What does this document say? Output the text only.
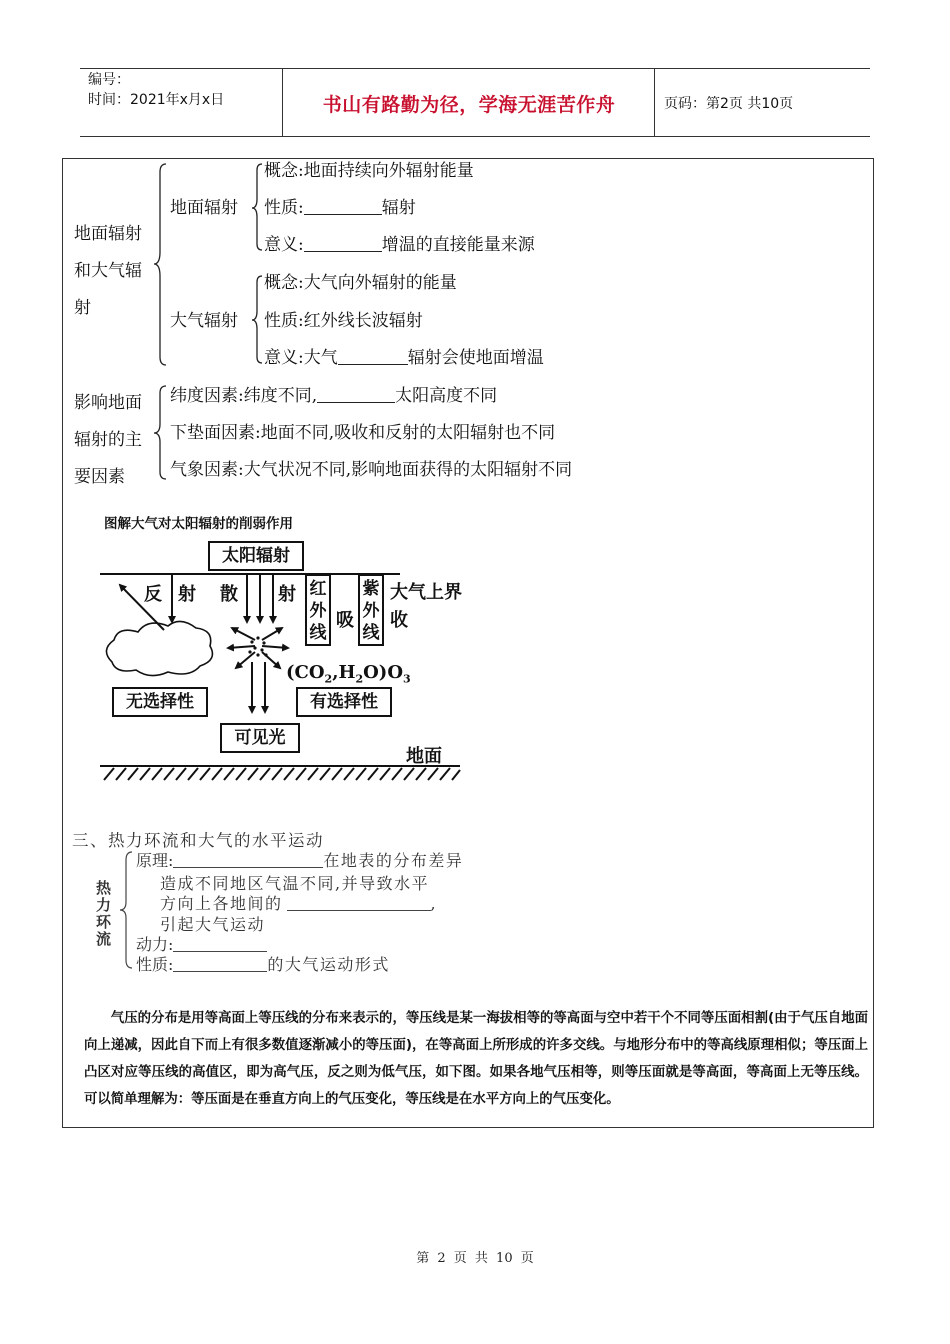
编号：
时间：2021年x月x日	书山有路勤为径，学海无涯苦作舟	页码：第2页 共10页
地面辐射
和大气辐
射
地面辐射
概念:地面持续向外辐射能量
性质:	辐射
意义:	增温的直接能量来源
大气辐射
概念:大气向外辐射的能量
性质:红外线长波辐射
意义:大气	辐射会使地面增温
影响地面
辐射的主
要因素
纬度因素:纬度不同,	太阳高度不同
下垫面因素:地面不同,吸收和反射的太阳辐射也不同
气象因素:大气状况不同,影响地面获得的太阳辐射不同
图解大气对太阳辐射的削弱作用
太阳辐射
反 射 散 射 红
外
线
吸
紫
外
线
大气上界
收
$(CO_2,H_2O)O_3$
无选择性	有选择性
可见光
地面
三、热力环流和大气的水平运动
热
力
环
流
原理:	在地表的分布差异
造成不同地区气温不同,并导致水平
方向上各地间的	,
引起大气运动
动力:
性质:	的大气运动形式
气压的分布是用等高面上等压线的分布来表示的，等压线是某一海拔相等的等高面与空中若干个不同等压面相割(由于气压自地面向上递减，因此自下而上有很多数值逐渐减小的等压面)，在等高面上所形成的许多交线。与地形分布中的等高线原理相似；等压面上凸区对应等压线的高值区，即为高气压，反之则为低气压，如下图。如果各地气压相等，则等压面就是等高面，等高面上无等压线。可以简单理解为：等压面是在垂直方向上的气压变化，等压线是在水平方向上的气压变化。
第 2 页 共 10 页
